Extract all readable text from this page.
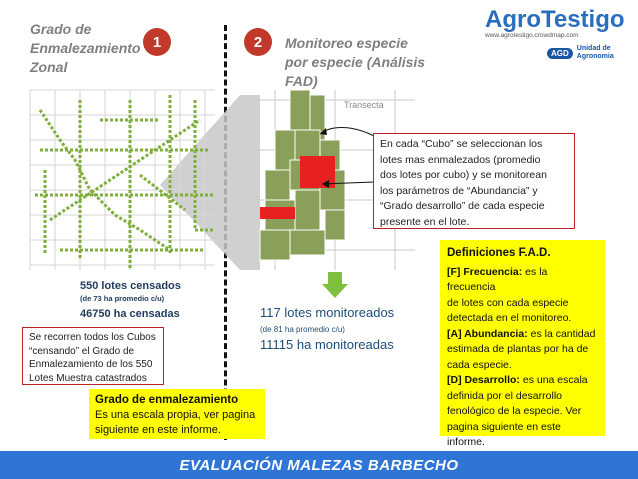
Grado de
Enmalezamiento
Zonal
1	2	Monitoreo especie
por especie (Análisis
FAD)
AgroTestigo
www.agrotestigo.crowdmap.com
AGD	Unidad de
Agronomia
Transecta
En cada “Cubo” se seleccionan los
lotes mas enmalezados (promedio
dos lotes por cubo) y se monitorean
los parámetros de “Abundancia” y
“Grado desarrollo” de cada especie
presente en el lote.
550 lotes censados
(de 73 ha promedio c/u)
46750 ha censadas
Se recorren todos los Cubos
“censando” el Grado de
Enmalezamiento de los 550
Lotes Muestra catastrados
117 lotes monitoreados
(de 81 ha promedio c/u)
11115 ha monitoreadas
Grado de enmalezamiento
Es una escala propia, ver pagina
siguiente en este informe.
Definiciones F.A.D.
[F] Frecuencia: es la frecuencia
de lotes con cada especie
detectada en el monitoreo.
[A] Abundancia: es la cantidad
estimada de plantas por ha de
cada especie.
[D] Desarrollo: es una escala
definida por el desarrollo
fenológico de la especie. Ver
pagina siguiente en este
informe.
EVALUACIÓN MALEZAS BARBECHO
